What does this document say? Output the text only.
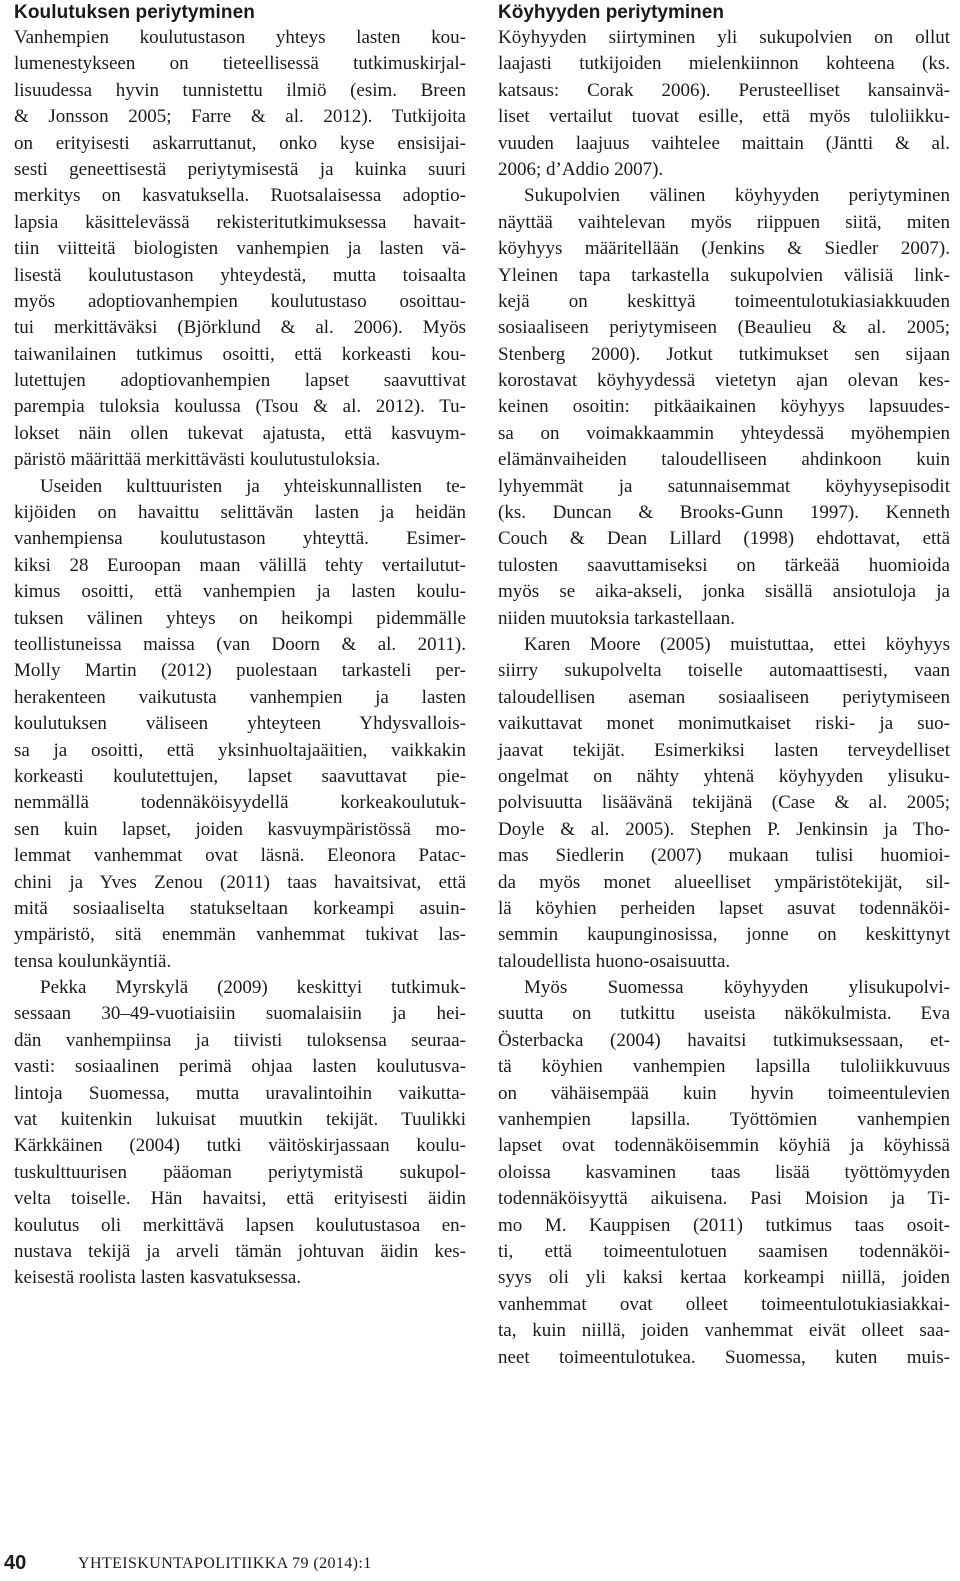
Koulutuksen periytyminen

Vanhempien koulutustason yhteys lasten kou-
lumenestykseen on tieteellisessä tutkimuskirjal-
lisuudessa hyvin tunnistettu ilmiö (esim. Breen
& Jonsson 2005; Farre & al. 2012). Tutkijoita
on erityisesti askarruttanut, onko kyse ensisijai-
sesti geneettisestä periytymisestä ja kuinka suuri
merkitys on kasvatuksella. Ruotsalaisessa adoptio-
lapsia käsittelevässä rekisteritutkimuksessa havait-
tiin viitteitä biologisten vanhempien ja lasten vä-
lisestä koulutustason yhteydestä, mutta toisaalta
myös adoptiovanhempien koulutustaso osoittau-
tui merkittäväksi (Björklund & al. 2006). Myös
taiwanilainen tutkimus osoitti, että korkeasti kou-
lutettujen adoptiovanhempien lapset saavuttivat
parempia tuloksia koulussa (Tsou & al. 2012). Tu-
lokset näin ollen tukevat ajatusta, että kasvuym-
päristö määrittää merkittävästi koulutustuloksia.

Useiden kulttuuristen ja yhteiskunnallisten te-
kijöiden on havaittu selittävän lasten ja heidän
vanhempiensa koulutustason yhteyttä. Esimer-
kiksi 28 Euroopan maan välillä tehty vertailutut-
kimus osoitti, että vanhempien ja lasten koulu-
tuksen välinen yhteys on heikompi pidemmälle
teollistuneissa maissa (van Doorn & al. 2011).
Molly Martin (2012) puolestaan tarkasteli per-
herakenteen vaikutusta vanhempien ja lasten
koulutuksen väliseen yhteyteen Yhdysvallois-
sa ja osoitti, että yksinhuoltajaäitien, vaikkakin
korkeasti koulutettujen, lapset saavuttavat pie-
nemmällä todennäköisyydellä korkeakoulutuk-
sen kuin lapset, joiden kasvuympäristössä mo-
lemmat vanhemmat ovat läsnä. Eleonora Patac-
chini ja Yves Zenou (2011) taas havaitsivat, että
mitä sosiaaliselta statukseltaan korkeampi asuin-
ympäristö, sitä enemmän vanhemmat tukivat las-
tensa koulunkäyntiä.

Pekka Myrskylä (2009) keskittyi tutkimuk-
sessaan 30–49-vuotiaisiin suomalaisiin ja hei-
dän vanhempiinsa ja tiivisti tuloksensa seuraa-
vasti: sosiaalinen perimä ohjaa lasten koulutusva-
lintoja Suomessa, mutta uravalintoihin vaikutta-
vat kuitenkin lukuisat muutkin tekijät. Tuulikki
Kärkkäinen (2004) tutki väitöskirjassaan koulu-
tuskulttuurisen pääoman periytymistä sukupol-
velta toiselle. Hän havaitsi, että erityisesti äidin
koulutus oli merkittävä lapsen koulutustasoa en-
nustava tekijä ja arveli tämän johtuvan äidin kes-
keisestä roolista lasten kasvatuksessa.

Köyhyyden periytyminen

Köyhyyden siirtyminen yli sukupolvien on ollut
laajasti tutkijoiden mielenkiinnon kohteena (ks.
katsaus: Corak 2006). Perusteelliset kansainvä-
liset vertailut tuovat esille, että myös tuloliikku-
vuuden laajuus vaihtelee maittain (Jäntti & al.
2006; d’Addio 2007).

Sukupolvien välinen köyhyyden periytyminen
näyttää vaihtelevan myös riippuen siitä, miten
köyhyys määritellään (Jenkins & Siedler 2007).
Yleinen tapa tarkastella sukupolvien välisiä link-
kejä on keskittyä toimeentulotukiasiakkuuden
sosiaaliseen periytymiseen (Beaulieu & al. 2005;
Stenberg 2000). Jotkut tutkimukset sen sijaan
korostavat köyhyydessä vietetyn ajan olevan kes-
keinen osoitin: pitkäaikainen köyhyys lapsuudes-
sa on voimakkaammin yhteydessä myöhempien
elämänvaiheiden taloudelliseen ahdinkoon kuin
lyhyemmät ja satunnaisemmat köyhyysepisodit
(ks. Duncan & Brooks-Gunn 1997). Kenneth
Couch & Dean Lillard (1998) ehdottavat, että
tulosten saavuttamiseksi on tärkeää huomioida
myös se aika-akseli, jonka sisällä ansiotuloja ja
niiden muutoksia tarkastellaan.

Karen Moore (2005) muistuttaa, ettei köyhyys
siirry sukupolvelta toiselle automaattisesti, vaan
taloudellisen aseman sosiaaliseen periytymiseen
vaikuttavat monet monimutkaiset riski- ja suo-
jaavat tekijät. Esimerkiksi lasten terveydelliset
ongelmat on nähty yhtenä köyhyyden ylisuku-
polvisuutta lisäävänä tekijänä (Case & al. 2005;
Doyle & al. 2005). Stephen P. Jenkinsin ja Tho-
mas Siedlerin (2007) mukaan tulisi huomioi-
da myös monet alueelliset ympäristötekijät, sil-
lä köyhien perheiden lapset asuvat todennäköi-
semmin kaupunginosissa, jonne on keskittynyt
taloudellista huono-osaisuutta.

Myös Suomessa köyhyyden ylisukupolvi-
suutta on tutkittu useista näkökulmista. Eva
Österbacka (2004) havaitsi tutkimuksessaan, et-
tä köyhien vanhempien lapsilla tuloliikkuvuus
on vähäisempää kuin hyvin toimeentulevien
vanhempien lapsilla. Työttömien vanhempien
lapset ovat todennäköisemmin köyhiä ja köyhissä
oloissa kasvaminen taas lisää työttömyyden
todennäköisyyttä aikuisena. Pasi Moision ja Ti-
mo M. Kauppisen (2011) tutkimus taas osoit-
ti, että toimeentulotuen saamisen todennäköi-
syys oli yli kaksi kertaa korkeampi niillä, joiden
vanhemmat ovat olleet toimeentulotukiasiakkai-
ta, kuin niillä, joiden vanhemmat eivät olleet saa-
neet toimeentulotukea. Suomessa, kuten muis-

40	YHTEISKUNTAPOLITIIKKA 79 (2014):1
